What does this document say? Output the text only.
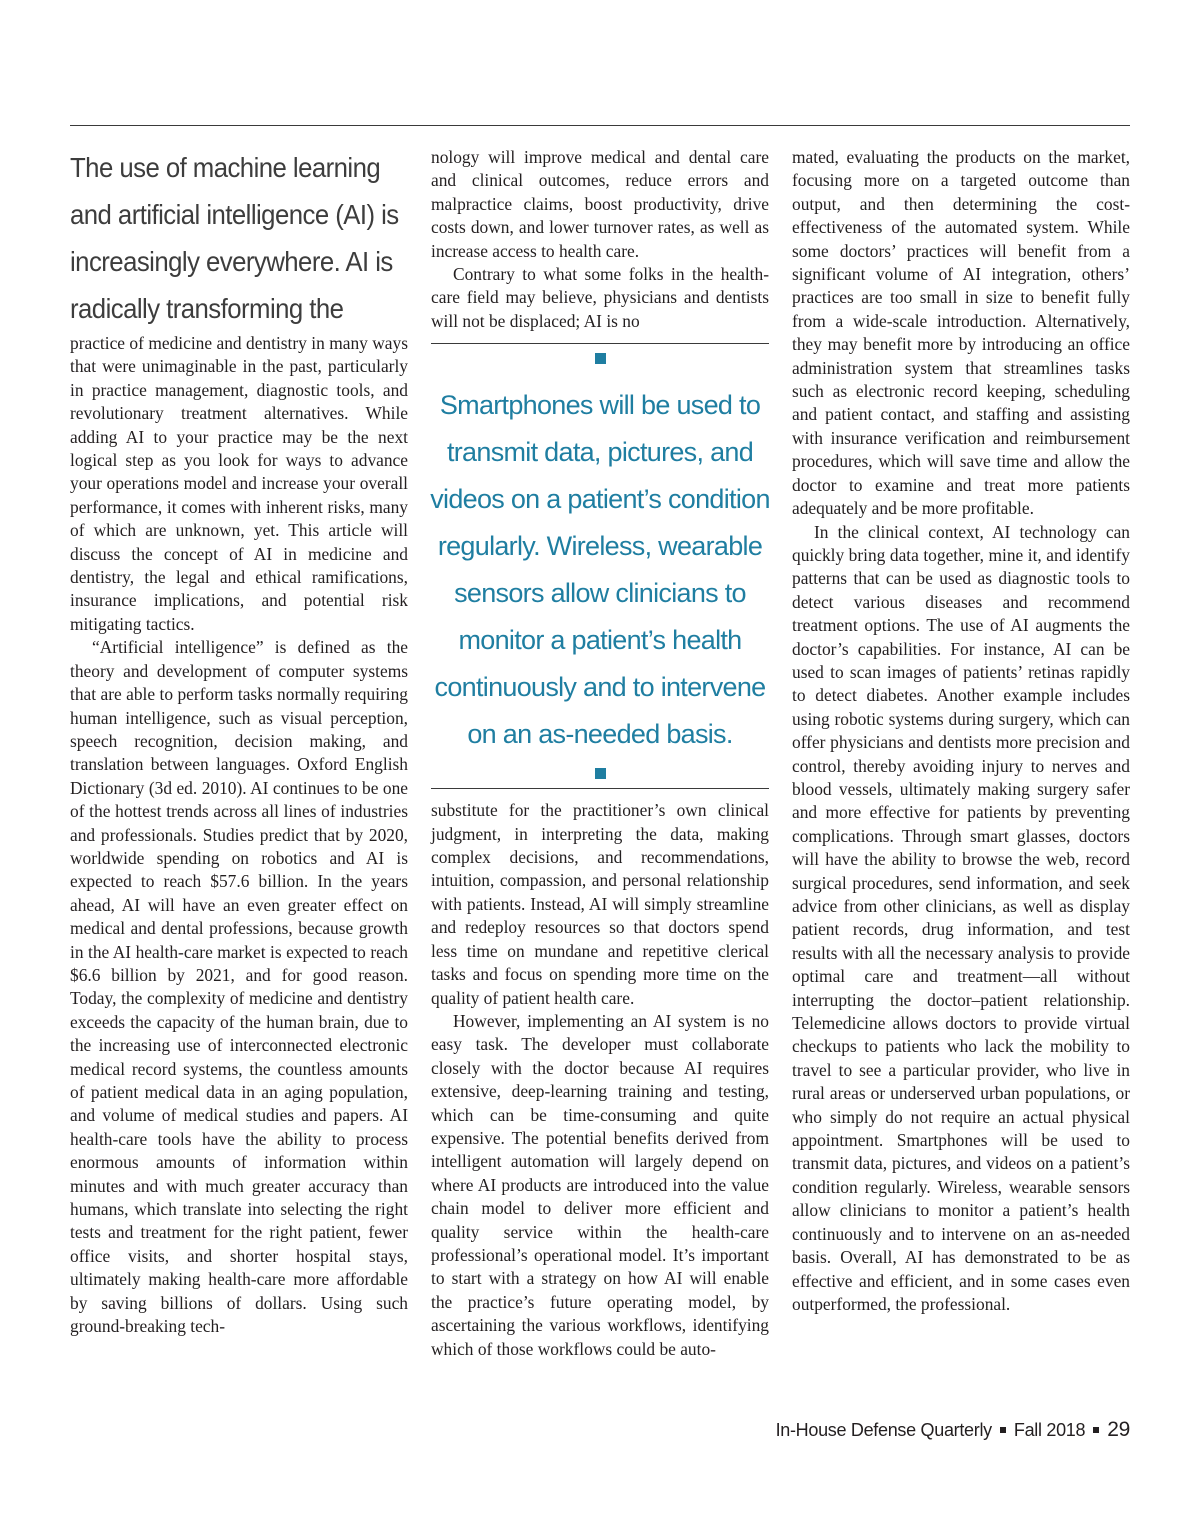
The use of machine learning and artificial intelligence (AI) is increasingly everywhere. AI is radically transforming the

practice of medicine and dentistry in many ways that were unimaginable in the past, particularly in practice management, diagnostic tools, and revolutionary treatment alternatives. While adding AI to your practice may be the next logical step as you look for ways to advance your operations model and increase your overall performance, it comes with inherent risks, many of which are unknown, yet. This article will discuss the concept of AI in medicine and dentistry, the legal and ethical ramifications, insurance implications, and potential risk mitigating tactics.

“Artificial intelligence” is defined as the theory and development of computer systems that are able to perform tasks normally requiring human intelligence, such as visual perception, speech recognition, decision making, and translation between languages. Oxford English Dictionary (3d ed. 2010). AI continues to be one of the hottest trends across all lines of industries and professionals. Studies predict that by 2020, worldwide spending on robotics and AI is expected to reach $57.6 billion. In the years ahead, AI will have an even greater effect on medical and dental professions, because growth in the AI health-care market is expected to reach $6.6 billion by 2021, and for good reason. Today, the complexity of medicine and dentistry exceeds the capacity of the human brain, due to the increasing use of interconnected electronic medical record systems, the countless amounts of patient medical data in an aging population, and volume of medical studies and papers. AI health-care tools have the ability to process enormous amounts of information within minutes and with much greater accuracy than humans, which translate into selecting the right tests and treatment for the right patient, fewer office visits, and shorter hospital stays, ultimately making health-care more affordable by saving billions of dollars. Using such ground-breaking tech-

nology will improve medical and dental care and clinical outcomes, reduce errors and malpractice claims, boost productivity, drive costs down, and lower turnover rates, as well as increase access to health care.

Contrary to what some folks in the health-care field may believe, physicians and dentists will not be displaced; AI is no

Smartphones will be used to transmit data, pictures, and videos on a patient’s condition regularly. Wireless, wearable sensors allow clinicians to monitor a patient’s health continuously and to intervene on an as-needed basis.

substitute for the practitioner’s own clinical judgment, in interpreting the data, making complex decisions, and recommendations, intuition, compassion, and personal relationship with patients. Instead, AI will simply streamline and redeploy resources so that doctors spend less time on mundane and repetitive clerical tasks and focus on spending more time on the quality of patient health care.

However, implementing an AI system is no easy task. The developer must collaborate closely with the doctor because AI requires extensive, deep-learning training and testing, which can be time-consuming and quite expensive. The potential benefits derived from intelligent automation will largely depend on where AI products are introduced into the value chain model to deliver more efficient and quality service within the health-care professional’s operational model. It’s important to start with a strategy on how AI will enable the practice’s future operating model, by ascertaining the various workflows, identifying which of those workflows could be auto-

mated, evaluating the products on the market, focusing more on a targeted outcome than output, and then determining the cost-effectiveness of the automated system. While some doctors’ practices will benefit from a significant volume of AI integration, others’ practices are too small in size to benefit fully from a wide-scale introduction. Alternatively, they may benefit more by introducing an office administration system that streamlines tasks such as electronic record keeping, scheduling and patient contact, and staffing and assisting with insurance verification and reimbursement procedures, which will save time and allow the doctor to examine and treat more patients adequately and be more profitable.

In the clinical context, AI technology can quickly bring data together, mine it, and identify patterns that can be used as diagnostic tools to detect various diseases and recommend treatment options. The use of AI augments the doctor’s capabilities. For instance, AI can be used to scan images of patients’ retinas rapidly to detect diabetes. Another example includes using robotic systems during surgery, which can offer physicians and dentists more precision and control, thereby avoiding injury to nerves and blood vessels, ultimately making surgery safer and more effective for patients by preventing complications. Through smart glasses, doctors will have the ability to browse the web, record surgical procedures, send information, and seek advice from other clinicians, as well as display patient records, drug information, and test results with all the necessary analysis to provide optimal care and treatment—all without interrupting the doctor–patient relationship. Telemedicine allows doctors to provide virtual checkups to patients who lack the mobility to travel to see a particular provider, who live in rural areas or underserved urban populations, or who simply do not require an actual physical appointment. Smartphones will be used to transmit data, pictures, and videos on a patient’s condition regularly. Wireless, wearable sensors allow clinicians to monitor a patient’s health continuously and to intervene on an as-needed basis. Overall, AI has demonstrated to be as effective and efficient, and in some cases even outperformed, the professional.

In-House Defense Quarterly Fall 2018 29
